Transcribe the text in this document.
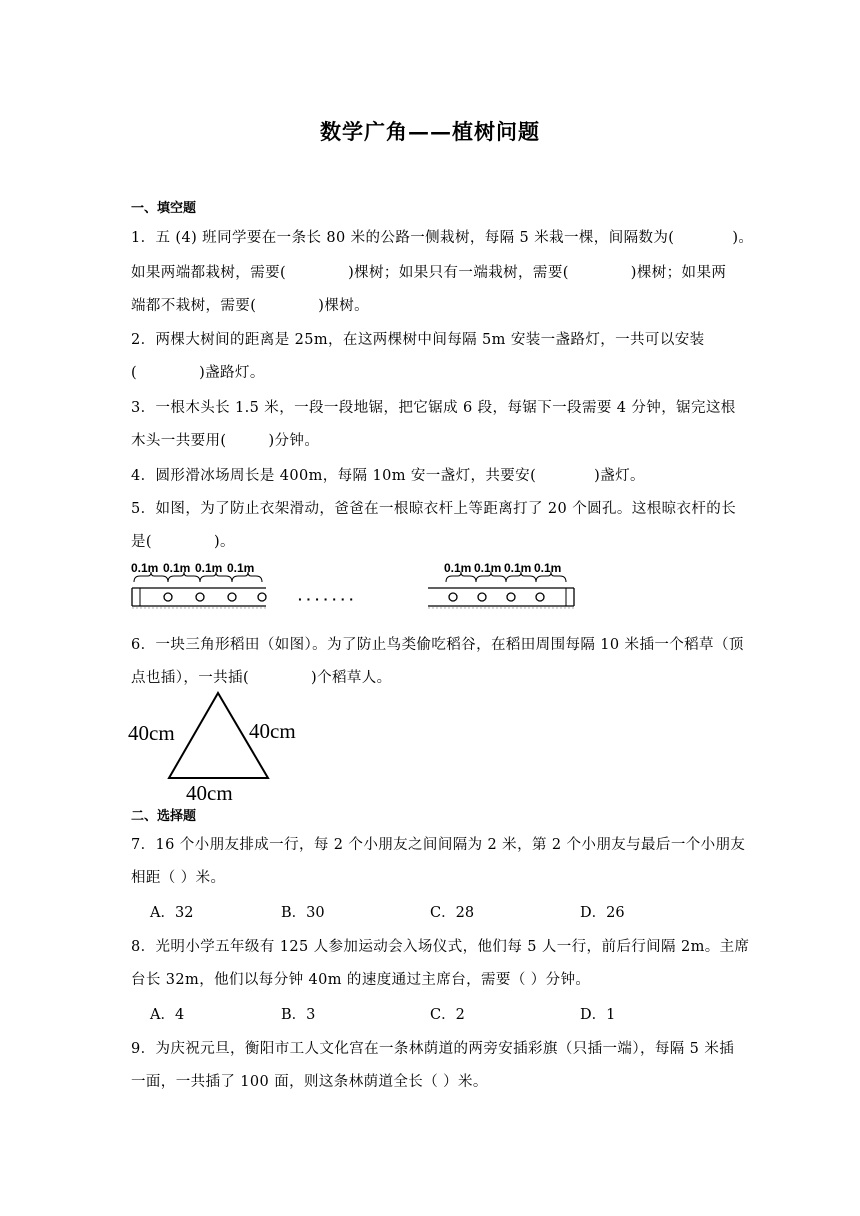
数学广角——植树问题
一、填空题
1．五 (4) 班同学要在一条长 80 米的公路一侧栽树，每隔 5 米栽一棵，间隔数为(	)。
如果两端都栽树，需要(	)棵树；如果只有一端栽树，需要(	)棵树；如果两
端都不栽树，需要(	)棵树。
2．两棵大树间的距离是 25m，在这两棵树中间每隔 5m 安装一盏路灯，一共可以安装
(	)盏路灯。
3．一根木头长 1.5 米，一段一段地锯，把它锯成 6 段，每锯下一段需要 4 分钟，锯完这根
木头一共要用(	)分钟。
4．圆形滑冰场周长是 400m，每隔 10m 安一盏灯，共要安(	)盏灯。
5．如图，为了防止衣架滑动，爸爸在一根晾衣杆上等距离打了 20 个圆孔。这根晾衣杆的长
是(	)。
0.1m 0.1m 0.1m 0.1m
· · · · · · ·
0.1m 0.1m 0.1m 0.1m
6．一块三角形稻田（如图）。为了防止鸟类偷吃稻谷，在稻田周围每隔 10 米插一个稻草（顶
点也插），一共插(	)个稻草人。
40cm	40cm
40cm
二、选择题
7．16 个小朋友排成一行，每 2 个小朋友之间间隔为 2 米，第 2 个小朋友与最后一个小朋友
相距（ ）米。
A．32	B．30	C．28	D．26
8．光明小学五年级有 125 人参加运动会入场仪式，他们每 5 人一行，前后行间隔 2m。主席
台长 32m，他们以每分钟 40m 的速度通过主席台，需要（ ）分钟。
A．4	B．3	C．2	D．1
9．为庆祝元旦，衡阳市工人文化宫在一条林荫道的两旁安插彩旗（只插一端），每隔 5 米插
一面，一共插了 100 面，则这条林荫道全长（ ）米。
